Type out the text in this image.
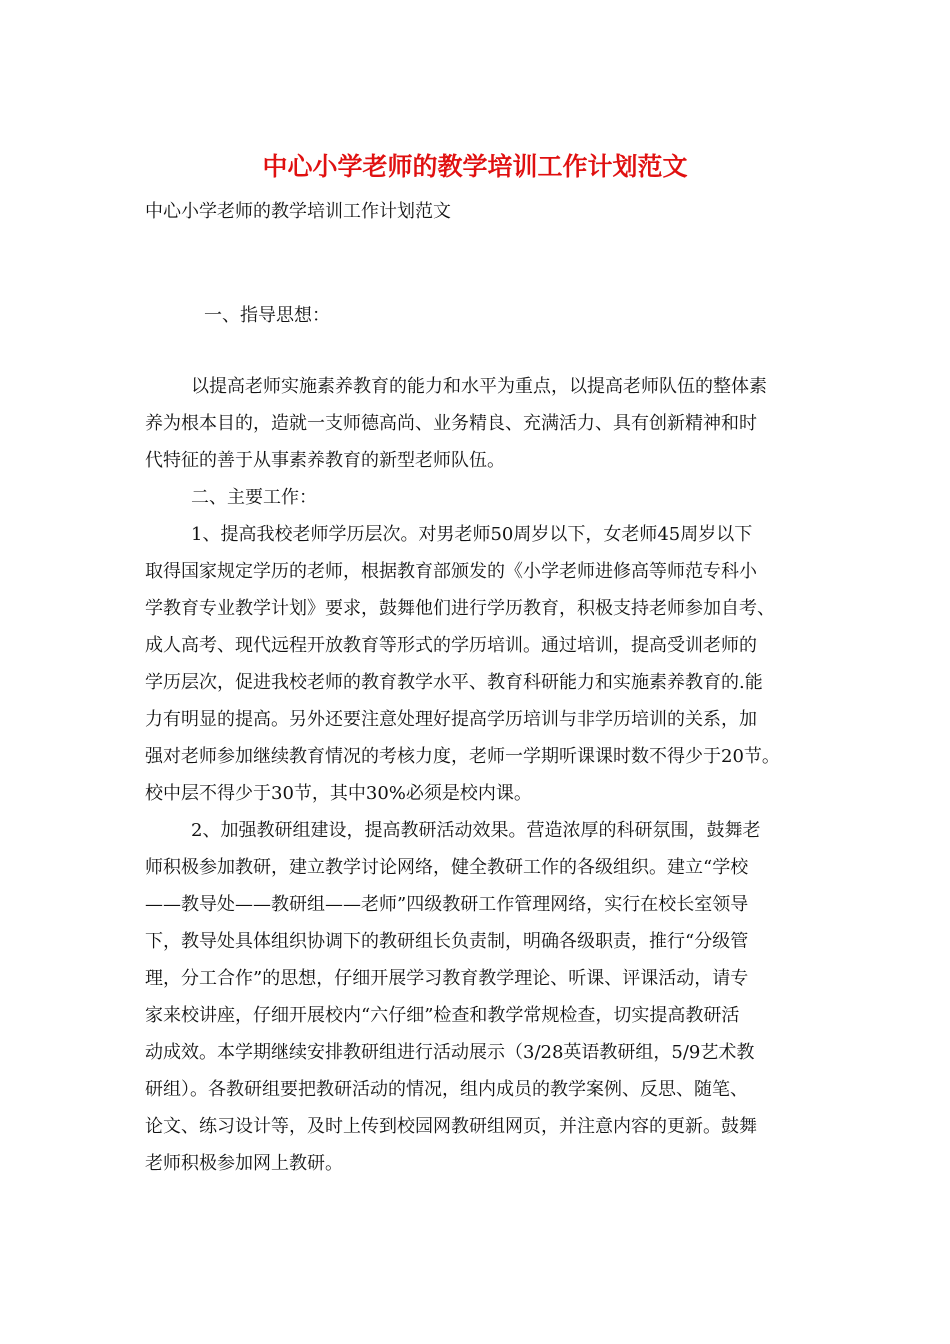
中心小学老师的教学培训工作计划范文

中心小学老师的教学培训工作计划范文

一、指导思想：

以提高老师实施素养教育的能力和水平为重点，以提高老师队伍的整体素
养为根本目的，造就一支师德高尚、业务精良、充满活力、具有创新精神和时
代特征的善于从事素养教育的新型老师队伍。
二、主要工作：
1、提高我校老师学历层次。对男老师50周岁以下，女老师45周岁以下
取得国家规定学历的老师，根据教育部颁发的《小学老师进修高等师范专科小
学教育专业教学计划》要求，鼓舞他们进行学历教育，积极支持老师参加自考、
成人高考、现代远程开放教育等形式的学历培训。通过培训，提高受训老师的
学历层次，促进我校老师的教育教学水平、教育科研能力和实施素养教育的.能
力有明显的提高。另外还要注意处理好提高学历培训与非学历培训的关系，加
强对老师参加继续教育情况的考核力度，老师一学期听课课时数不得少于20节。
校中层不得少于30节，其中30%必须是校内课。
2、加强教研组建设，提高教研活动效果。营造浓厚的科研氛围，鼓舞老
师积极参加教研，建立教学讨论网络，健全教研工作的各级组织。建立“学校
——教导处——教研组——老师”四级教研工作管理网络，实行在校长室领导
下，教导处具体组织协调下的教研组长负责制，明确各级职责，推行“分级管
理，分工合作”的思想，仔细开展学习教育教学理论、听课、评课活动，请专
家来校讲座，仔细开展校内“六仔细”检查和教学常规检查，切实提高教研活
动成效。本学期继续安排教研组进行活动展示（3/28英语教研组，5/9艺术教
研组）。各教研组要把教研活动的情况，组内成员的教学案例、反思、随笔、
论文、练习设计等，及时上传到校园网教研组网页，并注意内容的更新。鼓舞
老师积极参加网上教研。
